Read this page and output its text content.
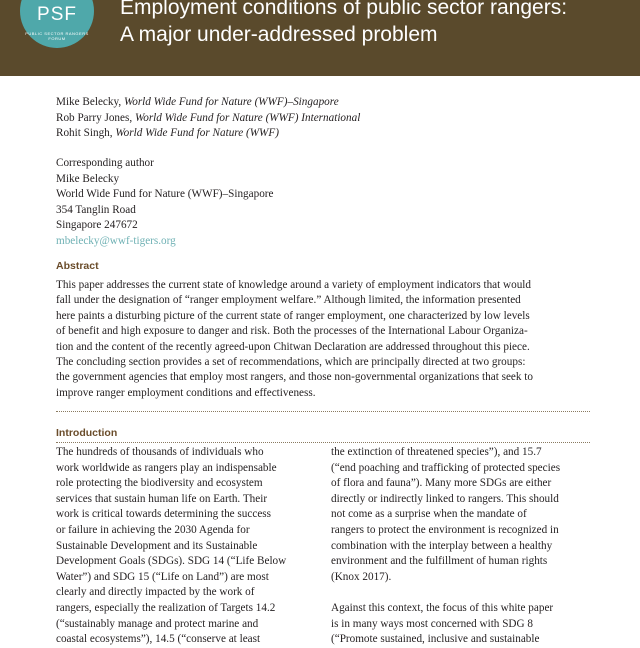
PSF
PUBLIC SECTOR RANGERS FORUM
Employment conditions of public sector rangers:
A major under-addressed problem
Mike Belecky, World Wide Fund for Nature (WWF)–Singapore
Rob Parry Jones, World Wide Fund for Nature (WWF) International
Rohit Singh, World Wide Fund for Nature (WWF)
Corresponding author
Mike Belecky
World Wide Fund for Nature (WWF)–Singapore
354 Tanglin Road
Singapore 247672
mbelecky@wwf-tigers.org
Abstract
This paper addresses the current state of knowledge around a variety of employment indicators that would
fall under the designation of “ranger employment welfare.” Although limited, the information presented
here paints a disturbing picture of the current state of ranger employment, one characterized by low levels
of benefit and high exposure to danger and risk. Both the processes of the International Labour Organiza-
tion and the content of the recently agreed-upon Chitwan Declaration are addressed throughout this piece.
The concluding section provides a set of recommendations, which are principally directed at two groups:
the government agencies that employ most rangers, and those non-governmental organizations that seek to
improve ranger employment conditions and effectiveness.
Introduction
The hundreds of thousands of individuals who
work worldwide as rangers play an indispensable
role protecting the biodiversity and ecosystem
services that sustain human life on Earth. Their
work is critical towards determining the success
or failure in achieving the 2030 Agenda for
Sustainable Development and its Sustainable
Development Goals (SDGs). SDG 14 (“Life Below
Water”) and SDG 15 (“Life on Land”) are most
clearly and directly impacted by the work of
rangers, especially the realization of Targets 14.2
(“sustainably manage and protect marine and
coastal ecosystems”), 14.5 (“conserve at least
the extinction of threatened species”), and 15.7
(“end poaching and trafficking of protected species
of flora and fauna”). Many more SDGs are either
directly or indirectly linked to rangers. This should
not come as a surprise when the mandate of
rangers to protect the environment is recognized in
combination with the interplay between a healthy
environment and the fulfillment of human rights
(Knox 2017).
Against this context, the focus of this white paper
is in many ways most concerned with SDG 8
(“Promote sustained, inclusive and sustainable
